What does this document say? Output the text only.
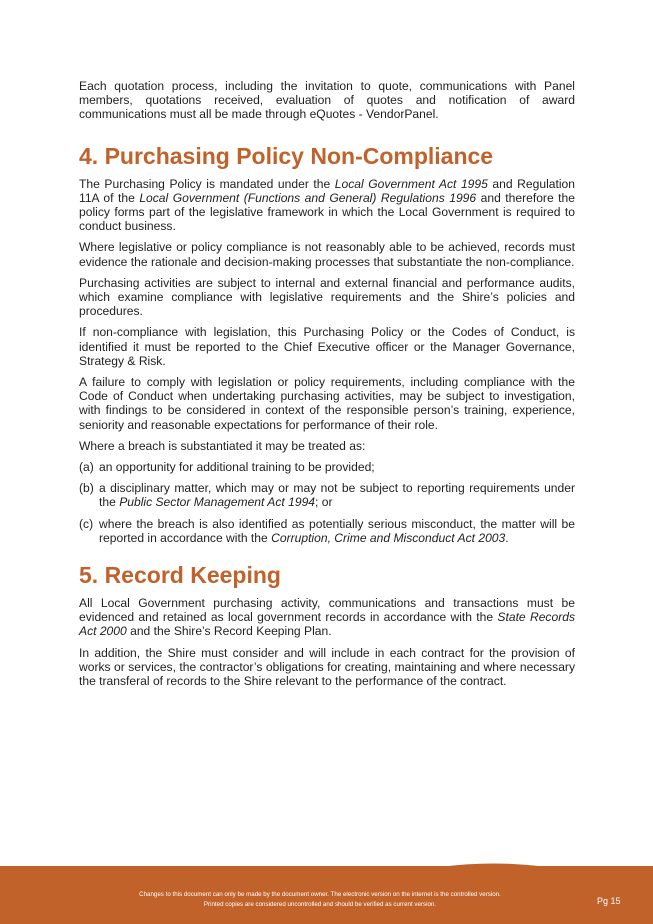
Each quotation process, including the invitation to quote, communications with Panel members, quotations received, evaluation of quotes and notification of award communications must all be made through eQuotes - VendorPanel.

4. Purchasing Policy Non-Compliance

The Purchasing Policy is mandated under the Local Government Act 1995 and Regulation 11A of the Local Government (Functions and General) Regulations 1996 and therefore the policy forms part of the legislative framework in which the Local Government is required to conduct business.

Where legislative or policy compliance is not reasonably able to be achieved, records must evidence the rationale and decision-making processes that substantiate the non-compliance.

Purchasing activities are subject to internal and external financial and performance audits, which examine compliance with legislative requirements and the Shire’s policies and procedures.

If non-compliance with legislation, this Purchasing Policy or the Codes of Conduct, is identified it must be reported to the Chief Executive officer or the Manager Governance, Strategy & Risk.

A failure to comply with legislation or policy requirements, including compliance with the Code of Conduct when undertaking purchasing activities, may be subject to investigation, with findings to be considered in context of the responsible person’s training, experience, seniority and reasonable expectations for performance of their role.

Where a breach is substantiated it may be treated as:

(a) an opportunity for additional training to be provided;
(b) a disciplinary matter, which may or may not be subject to reporting requirements under the Public Sector Management Act 1994; or
(c) where the breach is also identified as potentially serious misconduct, the matter will be reported in accordance with the Corruption, Crime and Misconduct Act 2003.
5. Record Keeping

All Local Government purchasing activity, communications and transactions must be evidenced and retained as local government records in accordance with the State Records Act 2000 and the Shire’s Record Keeping Plan.

In addition, the Shire must consider and will include in each contract for the provision of works or services, the contractor’s obligations for creating, maintaining and where necessary the transferal of records to the Shire relevant to the performance of the contract.

Changes to this document can only be made by the document owner. The electronic version on the internet is the controlled version.
Printed copies are considered uncontrolled and should be verified as current version.	Pg 15
